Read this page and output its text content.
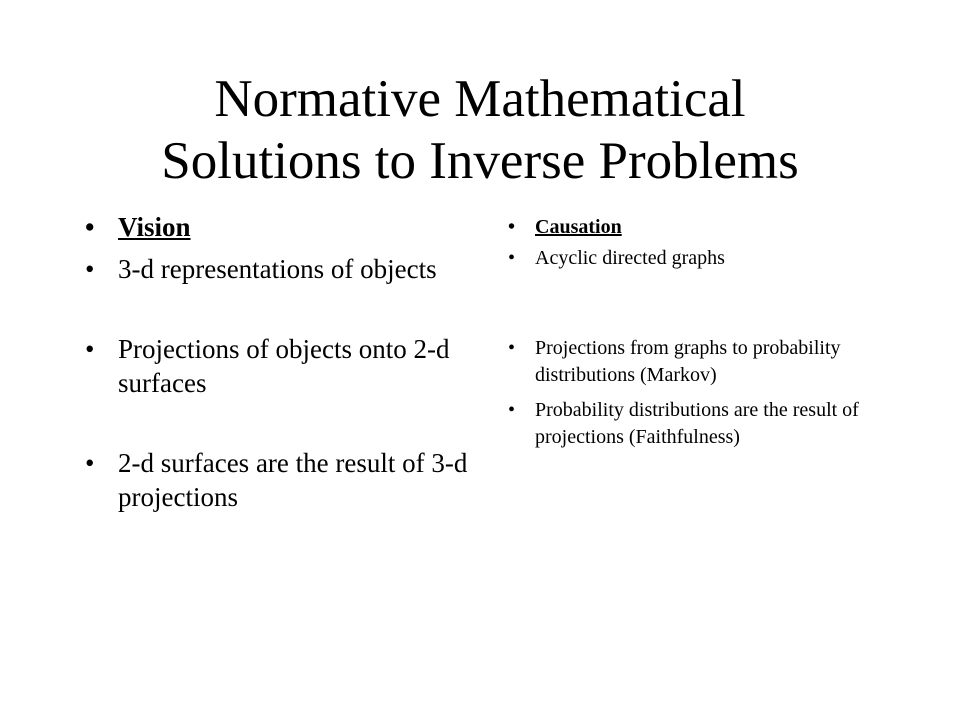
Normative Mathematical
Solutions to Inverse Problems
• Vision
• 3-d representations of objects
• Projections of objects onto 2-d surfaces
• 2-d surfaces are the result of 3-d projections
• Causation
• Acyclic directed graphs
• Projections from graphs to probability distributions (Markov)
• Probability distributions are the result of projections (Faithfulness)
